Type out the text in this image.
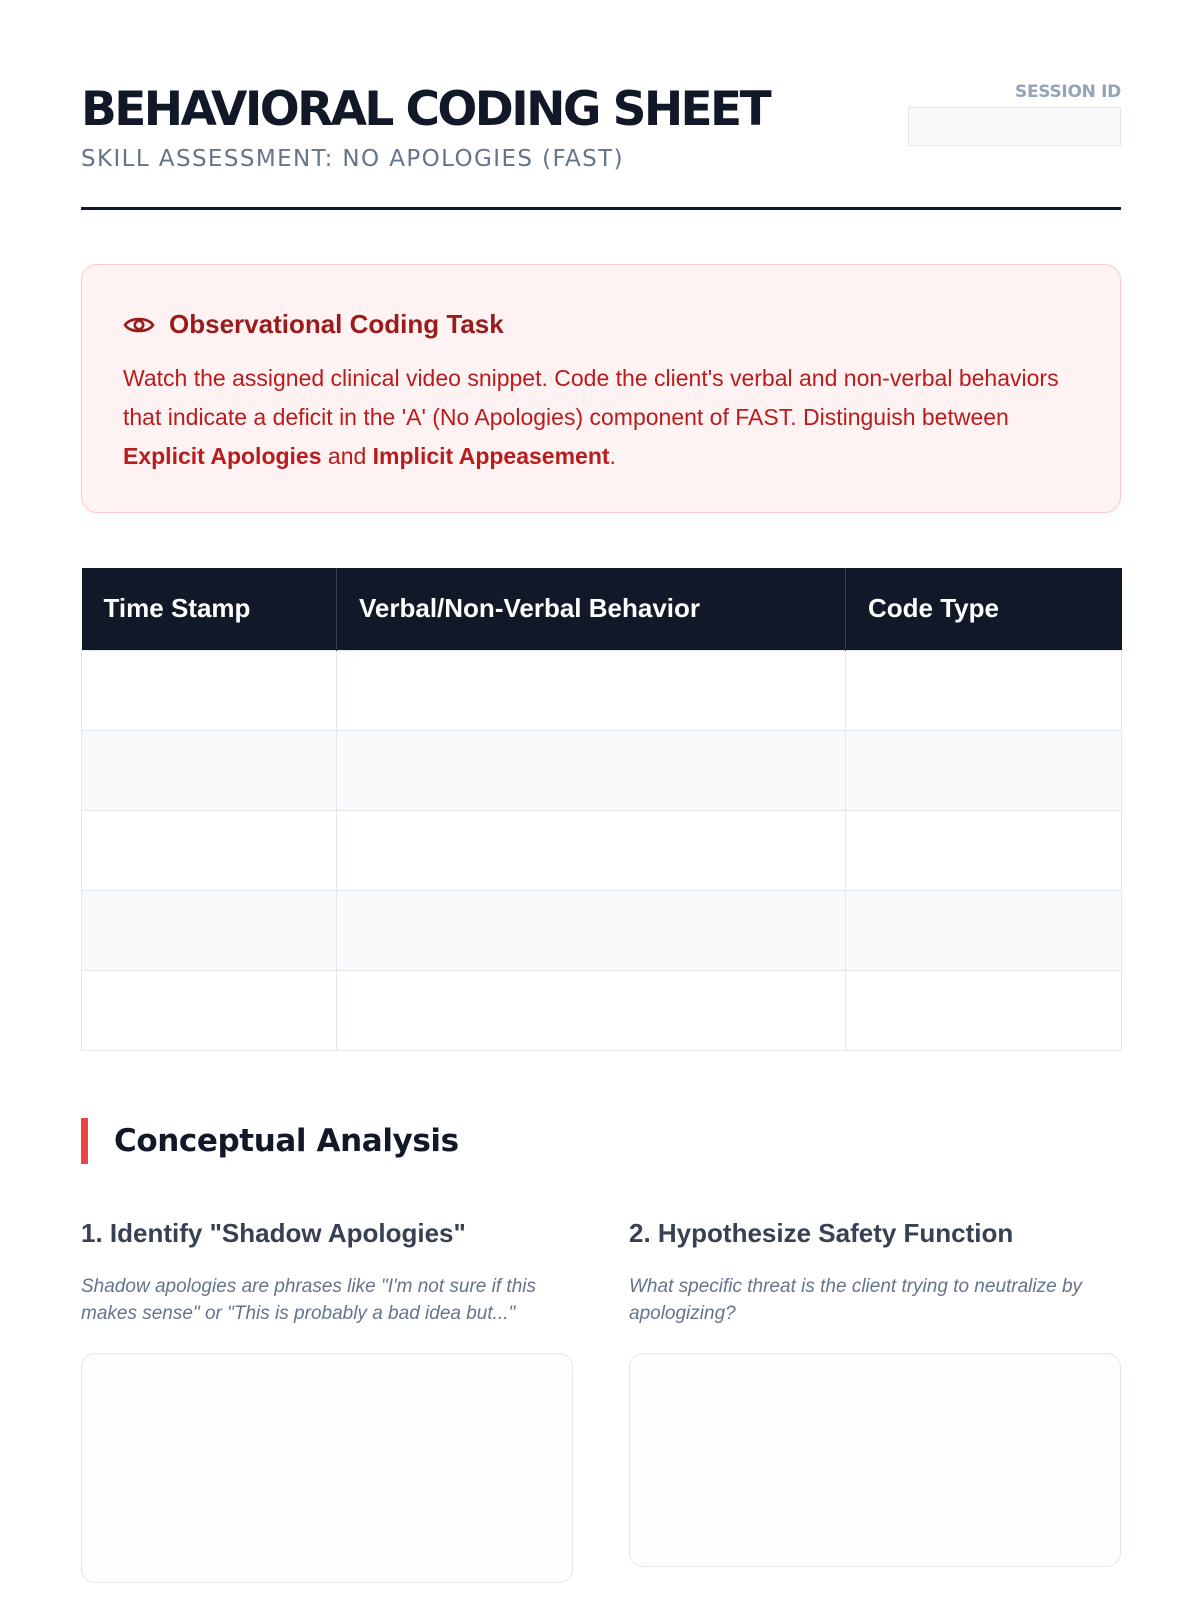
BEHAVIORAL CODING SHEET
SKILL ASSESSMENT: NO APOLOGIES (FAST)
SESSION ID
Observational Coding Task
Watch the assigned clinical video snippet. Code the client's verbal and non-verbal behaviors that indicate a deficit in the 'A' (No Apologies) component of FAST. Distinguish between Explicit Apologies and Implicit Appeasement.
Time Stamp	Verbal/Non-Verbal Behavior	Code Type

Conceptual Analysis
1. Identify "Shadow Apologies"
Shadow apologies are phrases like "I'm not sure if this makes sense" or "This is probably a bad idea but..."
2. Hypothesize Safety Function
What specific threat is the client trying to neutralize by apologizing?
